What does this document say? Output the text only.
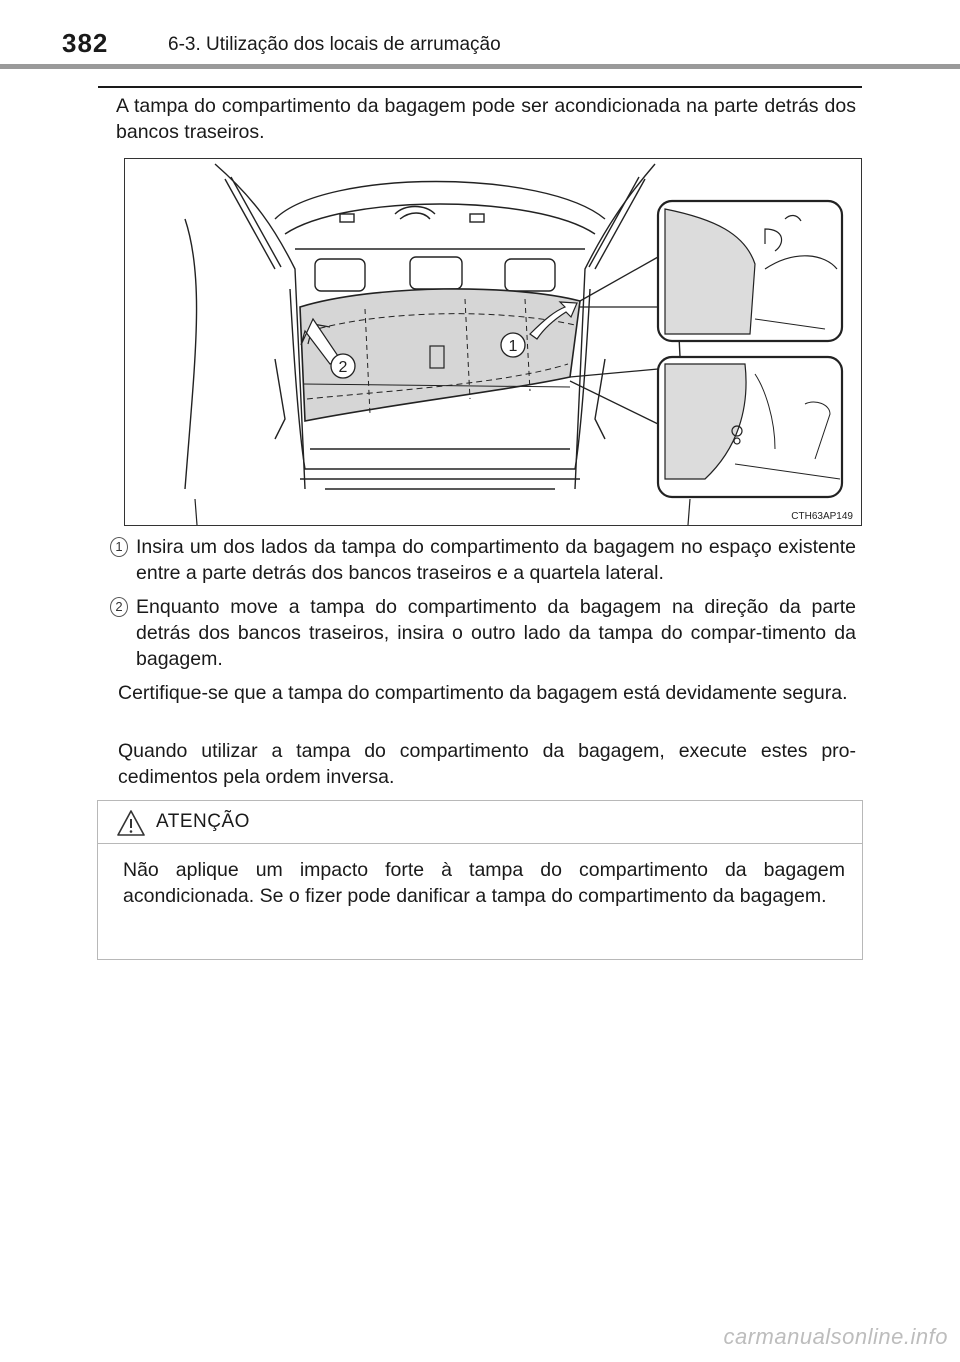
382	6-3. Utilização dos locais de arrumação
A tampa do compartimento da bagagem pode ser acondicionada na parte detrás dos bancos traseiros.
2
1
CTH63AP149
1 Insira um dos lados da tampa do compartimento da bagagem no espaço existente entre a parte detrás dos bancos traseiros e a quartela lateral.
2 Enquanto move a tampa do compartimento da bagagem na direção da parte detrás dos bancos traseiros, insira o outro lado da tampa do compar-timento da bagagem.
Certifique-se que a tampa do compartimento da bagagem está devidamente segura.
Quando utilizar a tampa do compartimento da bagagem, execute estes pro-cedimentos pela ordem inversa.
ATENÇÃO
Não aplique um impacto forte à tampa do compartimento da bagagem acondicionada. Se o fizer pode danificar a tampa do compartimento da bagagem.
carmanualsonline.info
